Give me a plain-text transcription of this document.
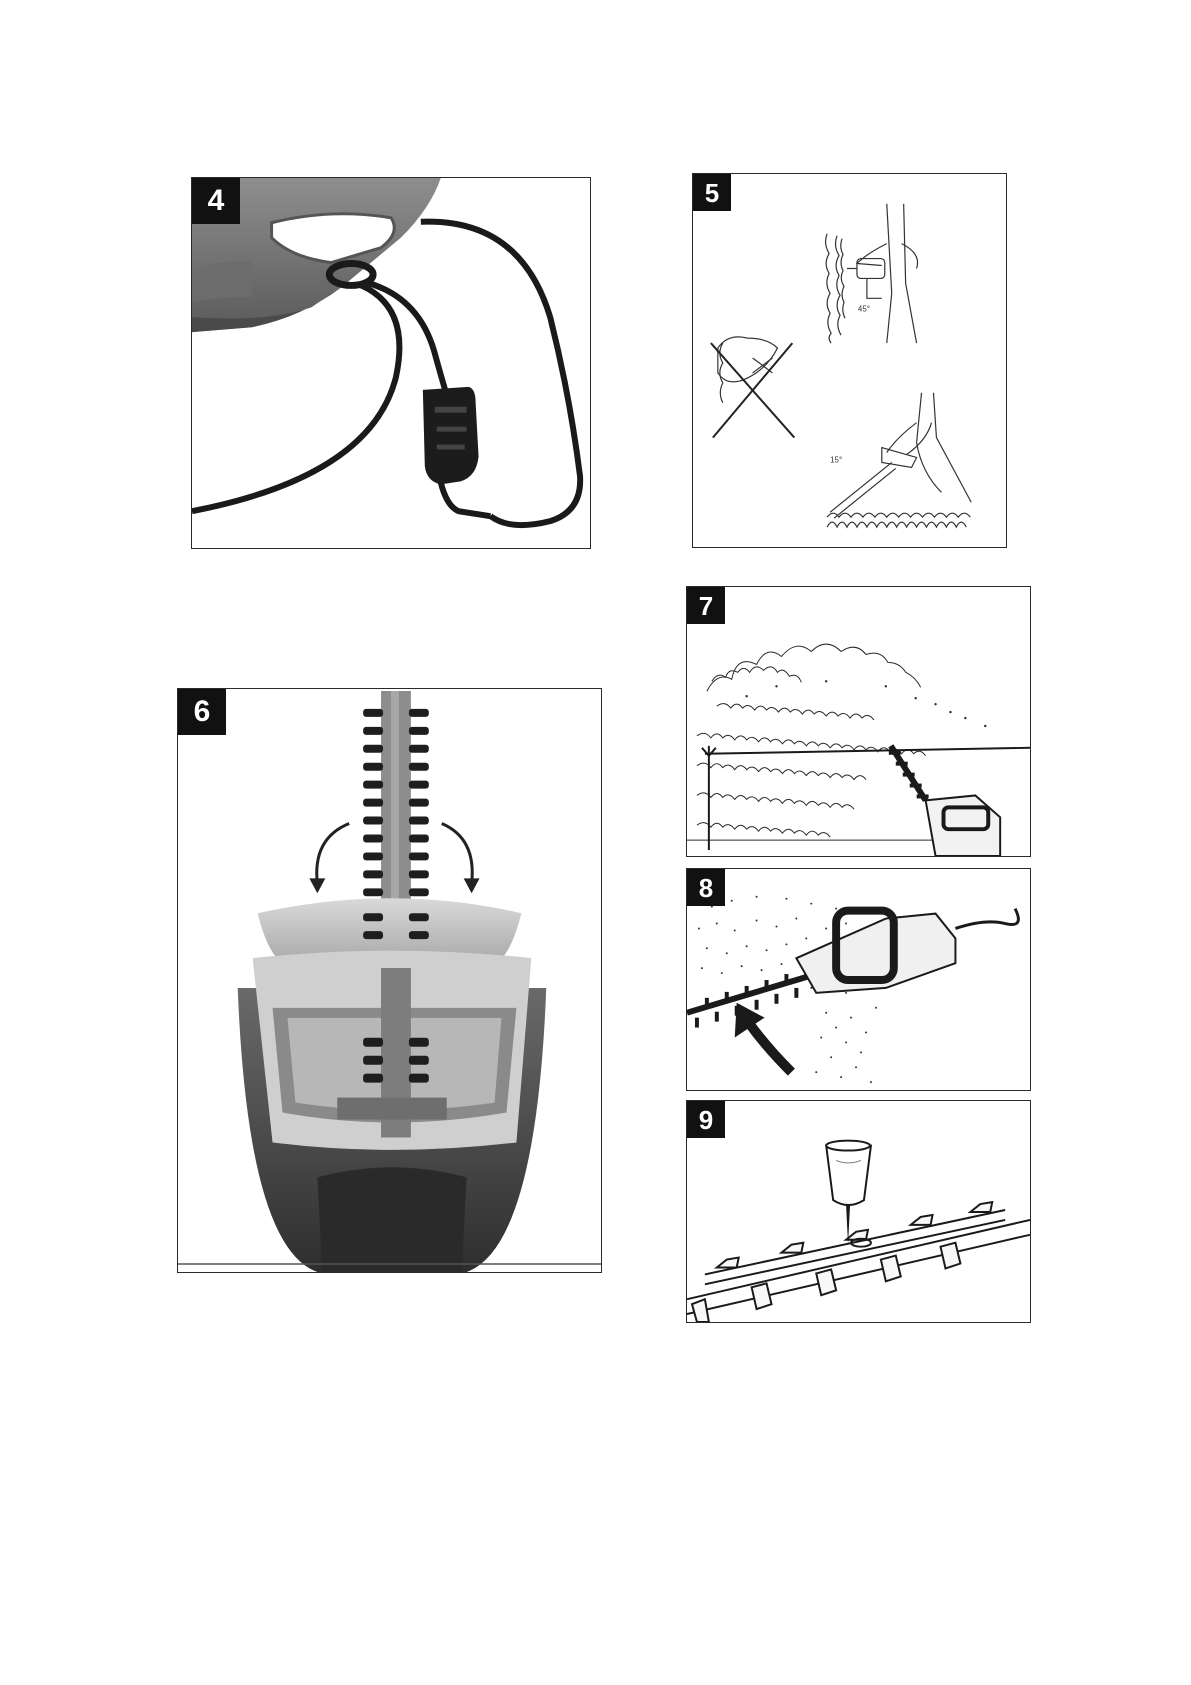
4
45°
15°
5
6
7
8
9
